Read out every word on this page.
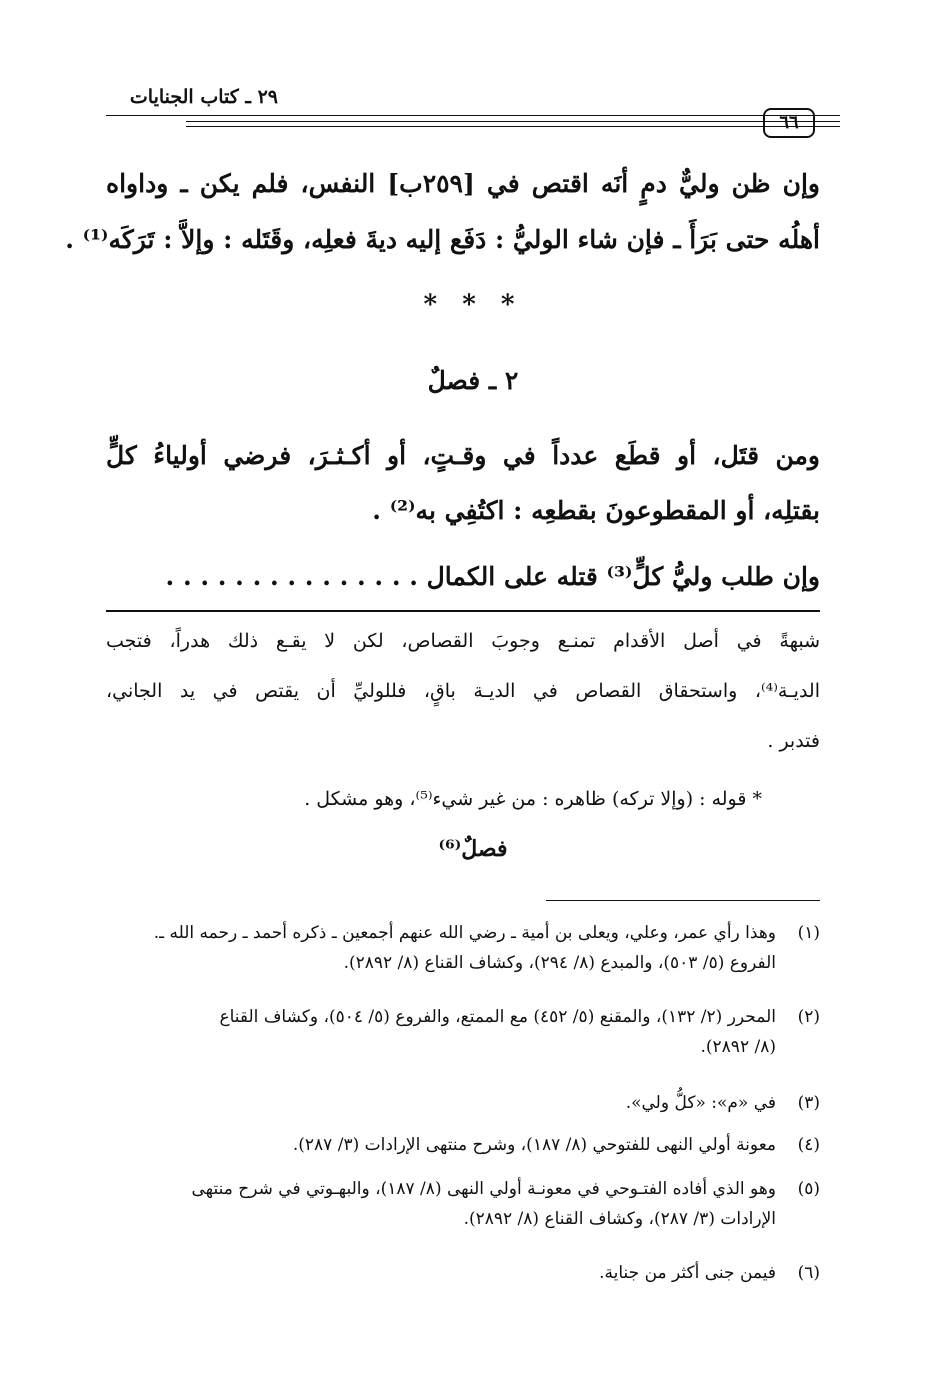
٢٩ ـ كتاب الجنايات
٦٦
وإن ظن وليٌّ دمٍ أنَه اقتص في [٢٥٩ب] النفس، فلم يكن ـ وداواه
أهلُه حتى بَرَأَ ـ فإن شاء الوليُّ : دَفَع إليه ديةَ فعلِه، وقَتَله : وإلاَّ : تَرَكَه⁽¹⁾ .
* * *
٢ ـ فصلٌ
ومن قتَل، أو قطَع عدداً في وقـتٍ، أو أكـثـرَ، فرضي أولياءُ كلٍّ
بقتلِه، أو المقطوعونَ بقطعِه : اكتُفِي به⁽²⁾ .
وإن طلب وليُّ كلٍّ⁽³⁾ قتله على الكمال . . . . . . . . . . . . . . .
شبهةً في أصل الأقدام تمنـع وجوبَ القصاص، لكن لا يقـع ذلك هدراً، فتجب
الديـة⁽⁴⁾، واستحقاق القصاص في الديـة باقٍ، فللوليِّ أن يقتص في يد الجاني،
فتدبر .
* قوله : (وإلا تركه) ظاهره : من غير شيء⁽⁵⁾، وهو مشكل .
فصلٌ⁽⁶⁾
(١)
وهذا رأي عمر، وعلي، ويعلى بن أمية ـ رضي الله عنهم أجمعين ـ ذكره أحمد ـ رحمه الله ـ.
الفروع (٥/ ٥٠٣)، والمبدع (٨/ ٢٩٤)، وكشاف القناع (٨/ ٢٨٩٢).
(٢)
المحرر (٢/ ١٣٢)، والمقنع (٥/ ٤٥٢) مع الممتع، والفروع (٥/ ٥٠٤)، وكشاف القناع
(٨/ ٢٨٩٢).
(٣)
في «م»: «كلُّ ولي».
(٤)
معونة أولي النهى للفتوحي (٨/ ١٨٧)، وشرح منتهى الإرادات (٣/ ٢٨٧).
(٥)
وهو الذي أفاده الفتـوحي في معونـة أولي النهى (٨/ ١٨٧)، والبهـوتي في شرح منتهى
الإرادات (٣/ ٢٨٧)، وكشاف القناع (٨/ ٢٨٩٢).
(٦)
فيمن جنى أكثر من جناية.
